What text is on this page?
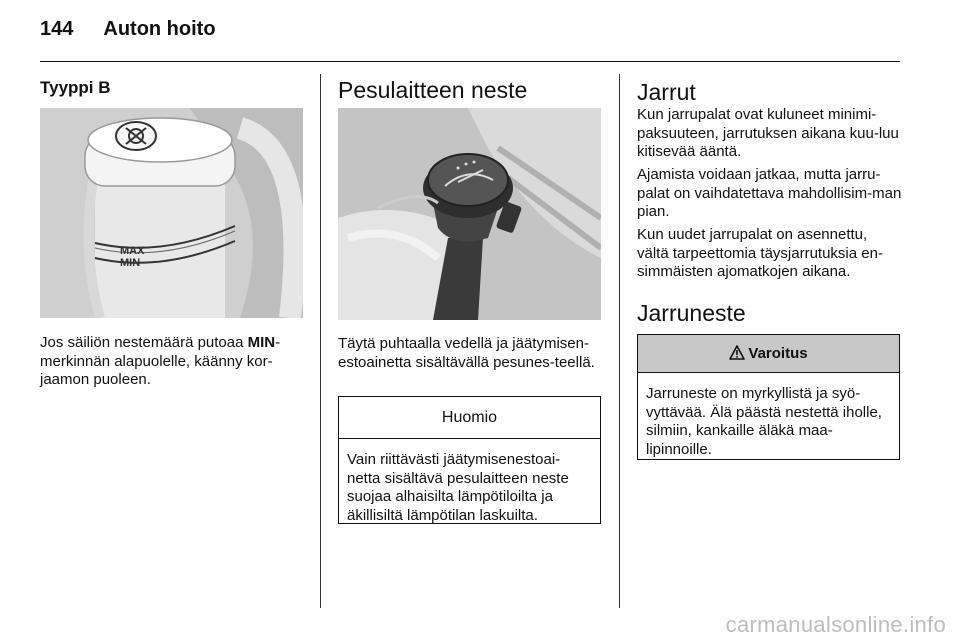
144 Auton hoito
Tyyppi B
MAX
MIN
Jos säiliön nestemäärä putoaa MIN-merkinnän alapuolelle, käänny kor-jaamon puoleen.
Pesulaitteen neste
Täytä puhtaalla vedellä ja jäätymisen-estoainetta sisältävällä pesunes-teellä.
Huomio
Vain riittävästi jäätymisenestoai-netta sisältävä pesulaitteen neste suojaa alhaisilta lämpötiloilta ja äkillisiltä lämpötilan laskuilta.
Jarrut
Kun jarrupalat ovat kuluneet minimi-paksuuteen, jarrutuksen aikana kuu-luu kitisevää ääntä.
Ajamista voidaan jatkaa, mutta jarru-palat on vaihdatettava mahdollisim-man pian.
Kun uudet jarrupalat on asennettu, vältä tarpeettomia täysjarrutuksia en-simmäisten ajomatkojen aikana.
Jarruneste
Varoitus
Jarruneste on myrkyllistä ja syö-vyttävää. Älä päästä nestettä iholle, silmiin, kankaille äläkä maa-lipinnoille.
carmanualsonline.info
